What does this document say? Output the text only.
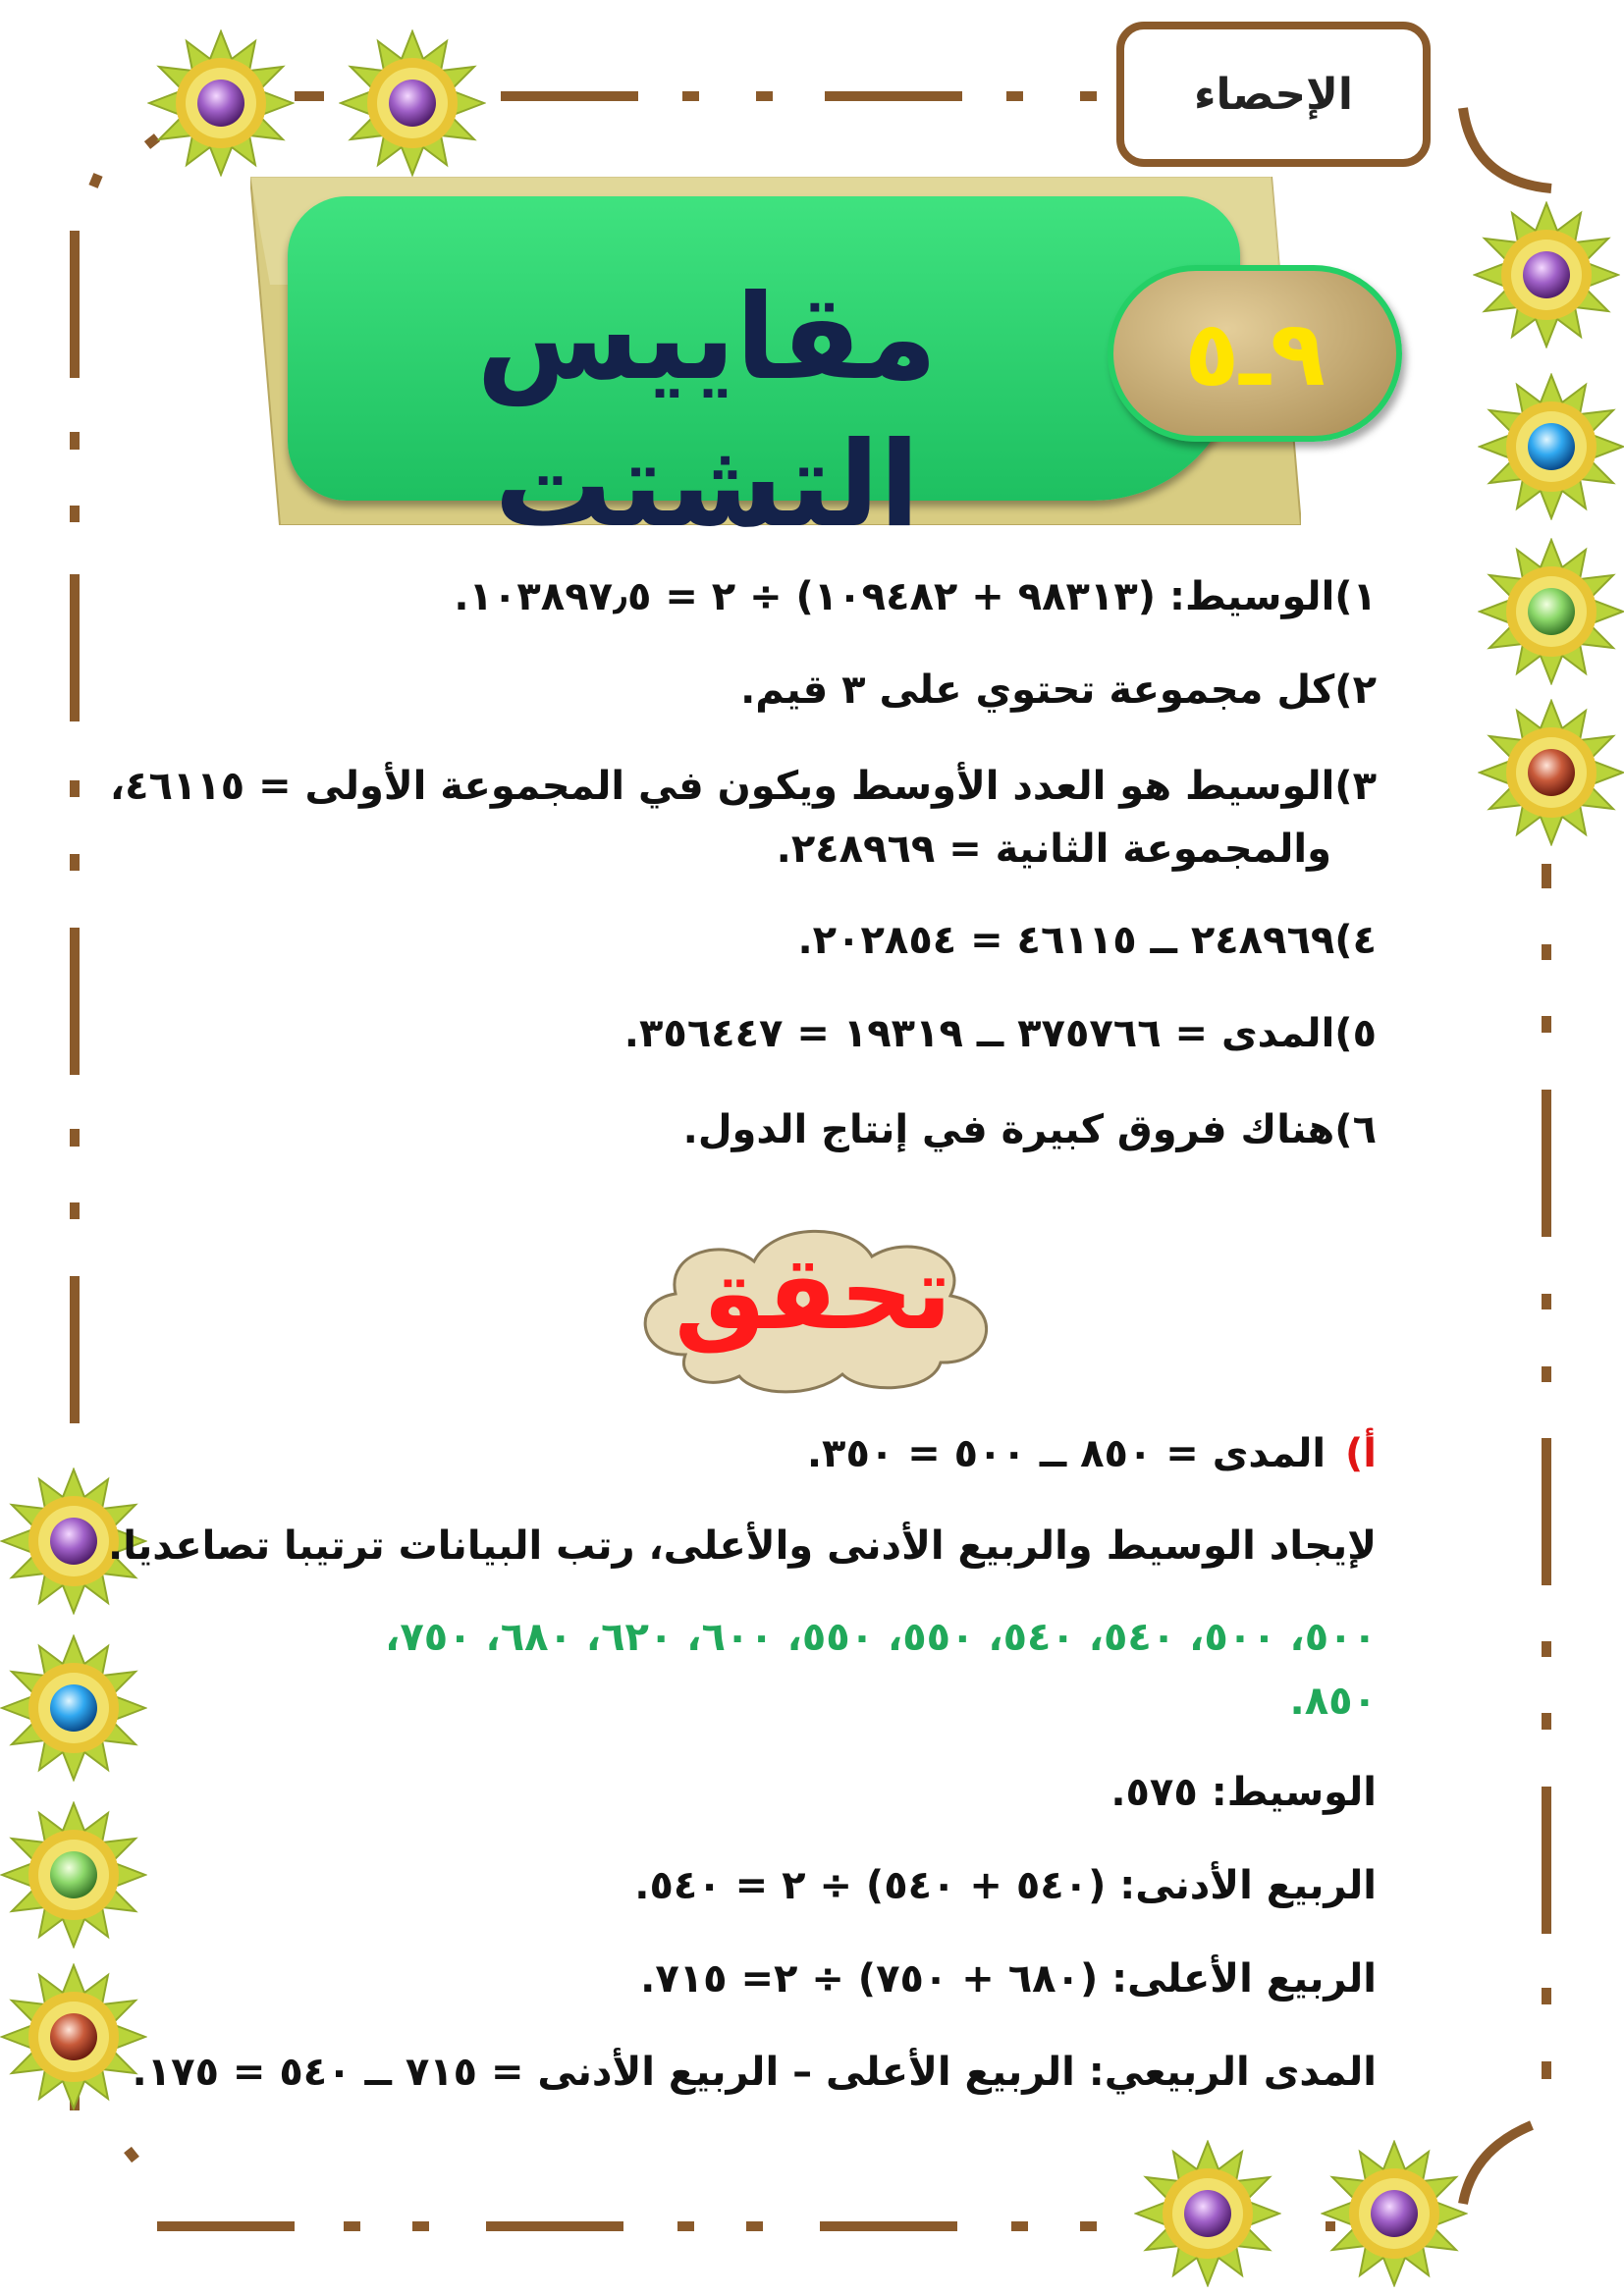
الإحصاء
مقاييس التشتت
٩ـ٥
١)الوسيط: (٩٨٣١٣ + ١٠٩٤٨٢) ÷ ٢ = ١٠٣٨٩٧٫٥.
٢)كل مجموعة تحتوي على ٣ قيم.
٣)الوسيط هو العدد الأوسط ويكون في المجموعة الأولى = ٤٦١١٥،
والمجموعة الثانية = ٢٤٨٩٦٩.
٤)٢٤٨٩٦٩ ــ ٤٦١١٥ = ٢٠٢٨٥٤.
٥)المدى = ٣٧٥٧٦٦ ــ ١٩٣١٩ = ٣٥٦٤٤٧.
٦)هناك فروق كبيرة في إنتاج الدول.
تحقق
أ) المدى = ٨٥٠ ــ ٥٠٠ = ٣٥٠.
لإيجاد الوسيط والربيع الأدنى والأعلى، رتب البيانات ترتيبا تصاعديا.
٥٠٠، ٥٠٠، ٥٤٠، ٥٤٠، ٥٥٠، ٥٥٠، ٦٠٠، ٦٢٠، ٦٨٠، ٧٥٠،
٨٥٠.
الوسيط: ٥٧٥.
الربيع الأدنى: (٥٤٠ + ٥٤٠) ÷ ٢ = ٥٤٠.
الربيع الأعلى: (٦٨٠ + ٧٥٠) ÷ ٢= ٧١٥.
المدى الربيعي: الربيع الأعلى – الربيع الأدنى = ٧١٥ ــ ٥٤٠ = ١٧٥.
